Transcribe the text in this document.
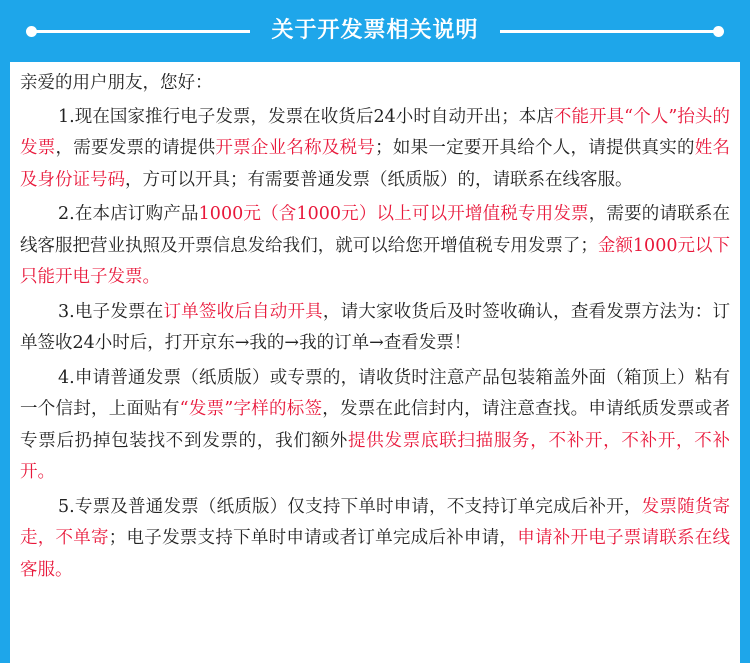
关于开发票相关说明

亲爱的用户朋友，您好：

1.现在国家推行电子发票，发票在收货后24小时自动开出；本店不能开具“个人”抬头的发票，需要发票的请提供开票企业名称及税号；如果一定要开具给个人，请提供真实的姓名及身份证号码，方可以开具；有需要普通发票（纸质版）的，请联系在线客服。

2.在本店订购产品1000元（含1000元）以上可以开增值税专用发票，需要的请联系在线客服把营业执照及开票信息发给我们，就可以给您开增值税专用发票了；金额1000元以下只能开电子发票。

3.电子发票在订单签收后自动开具，请大家收货后及时签收确认，查看发票方法为：订单签收24小时后，打开京东→我的→我的订单→查看发票！

4.申请普通发票（纸质版）或专票的，请收货时注意产品包装箱盖外面（箱顶上）粘有一个信封，上面贴有“发票”字样的标签，发票在此信封内，请注意查找。申请纸质发票或者专票后扔掉包装找不到发票的，我们额外提供发票底联扫描服务，不补开，不补开，不补开。

5.专票及普通发票（纸质版）仅支持下单时申请，不支持订单完成后补开，发票随货寄走，不单寄；电子发票支持下单时申请或者订单完成后补申请，申请补开电子票请联系在线客服。
